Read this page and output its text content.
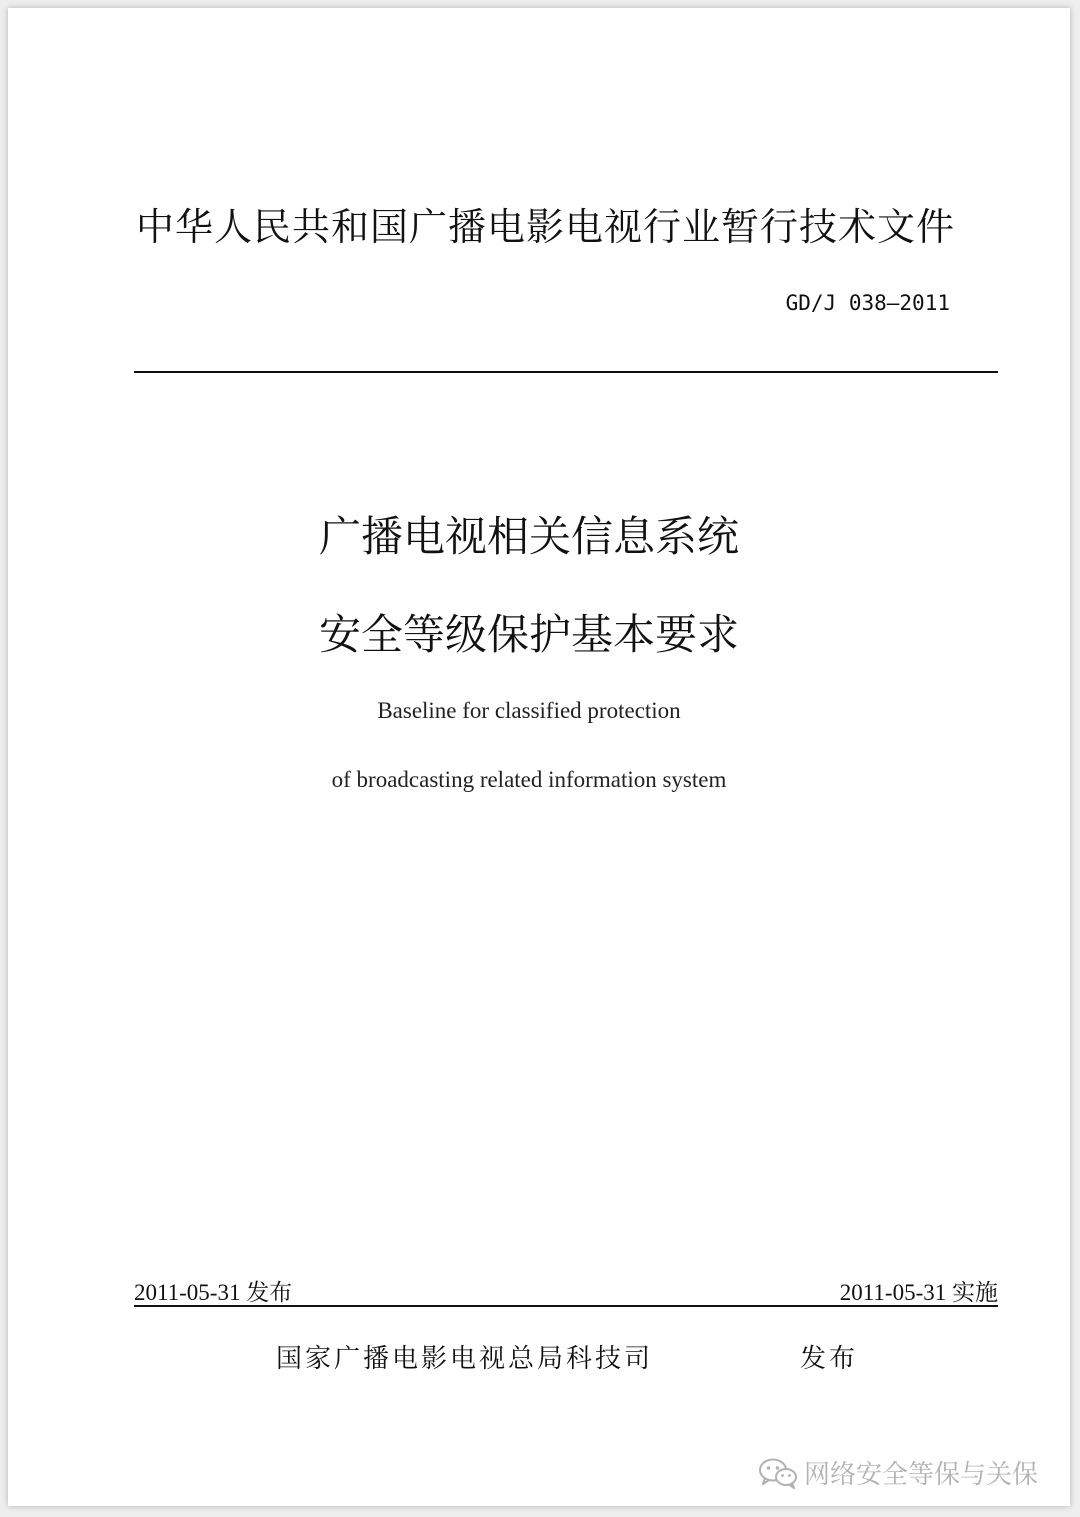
中华人民共和国广播电影电视行业暂行技术文件
GD/J 038—2011
广播电视相关信息系统
安全等级保护基本要求
Baseline for classified protection
of broadcasting related information system
2011-05-31 发布	2011-05-31 实施
国家广播电影电视总局科技司	发布
网络安全等保与关保
